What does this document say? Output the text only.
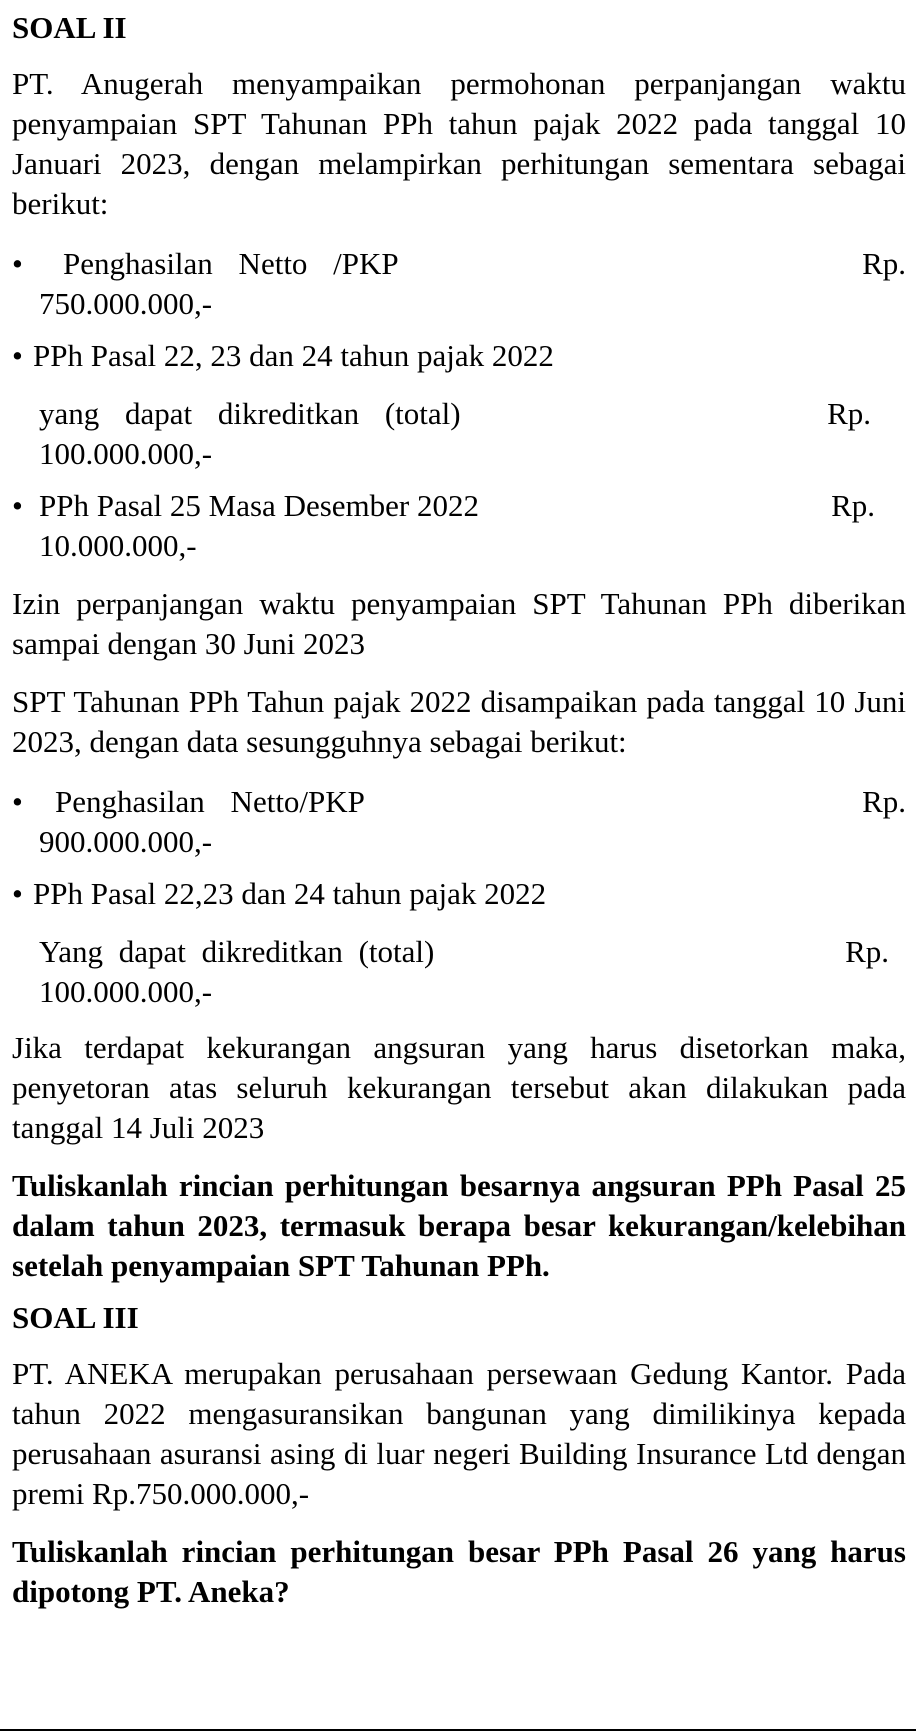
SOAL II
PT. Anugerah menyampaikan permohonan perpanjangan waktu penyampaian SPT Tahunan PPh tahun pajak 2022 pada tanggal 10 Januari 2023, dengan melampirkan perhitungan sementara sebagai berikut:
•	Penghasilan Netto /PKP	Rp.
750.000.000,-
• PPh Pasal 22, 23 dan 24 tahun pajak 2022
yang dapat dikreditkan (total)	Rp.
100.000.000,-
• PPh Pasal 25 Masa Desember 2022	Rp.
10.000.000,-
Izin perpanjangan waktu penyampaian SPT Tahunan PPh diberikan sampai dengan 30 Juni 2023
SPT Tahunan PPh Tahun pajak 2022 disampaikan pada tanggal 10 Juni 2023, dengan data sesungguhnya sebagai berikut:
•	Penghasilan Netto/PKP	Rp.
900.000.000,-
• PPh Pasal 22,23 dan 24 tahun pajak 2022
Yang dapat dikreditkan (total)	Rp.
100.000.000,-
Jika terdapat kekurangan angsuran yang harus disetorkan maka, penyetoran atas seluruh kekurangan tersebut akan dilakukan pada tanggal 14 Juli 2023
Tuliskanlah rincian perhitungan besarnya angsuran PPh Pasal 25 dalam tahun 2023, termasuk berapa besar kekurangan/kelebihan setelah penyampaian SPT Tahunan PPh.
SOAL III
PT. ANEKA merupakan perusahaan persewaan Gedung Kantor. Pada tahun 2022 mengasuransikan bangunan yang dimilikinya kepada perusahaan asuransi asing di luar negeri Building Insurance Ltd dengan premi Rp.750.000.000,-
Tuliskanlah rincian perhitungan besar PPh Pasal 26 yang harus dipotong PT. Aneka?
